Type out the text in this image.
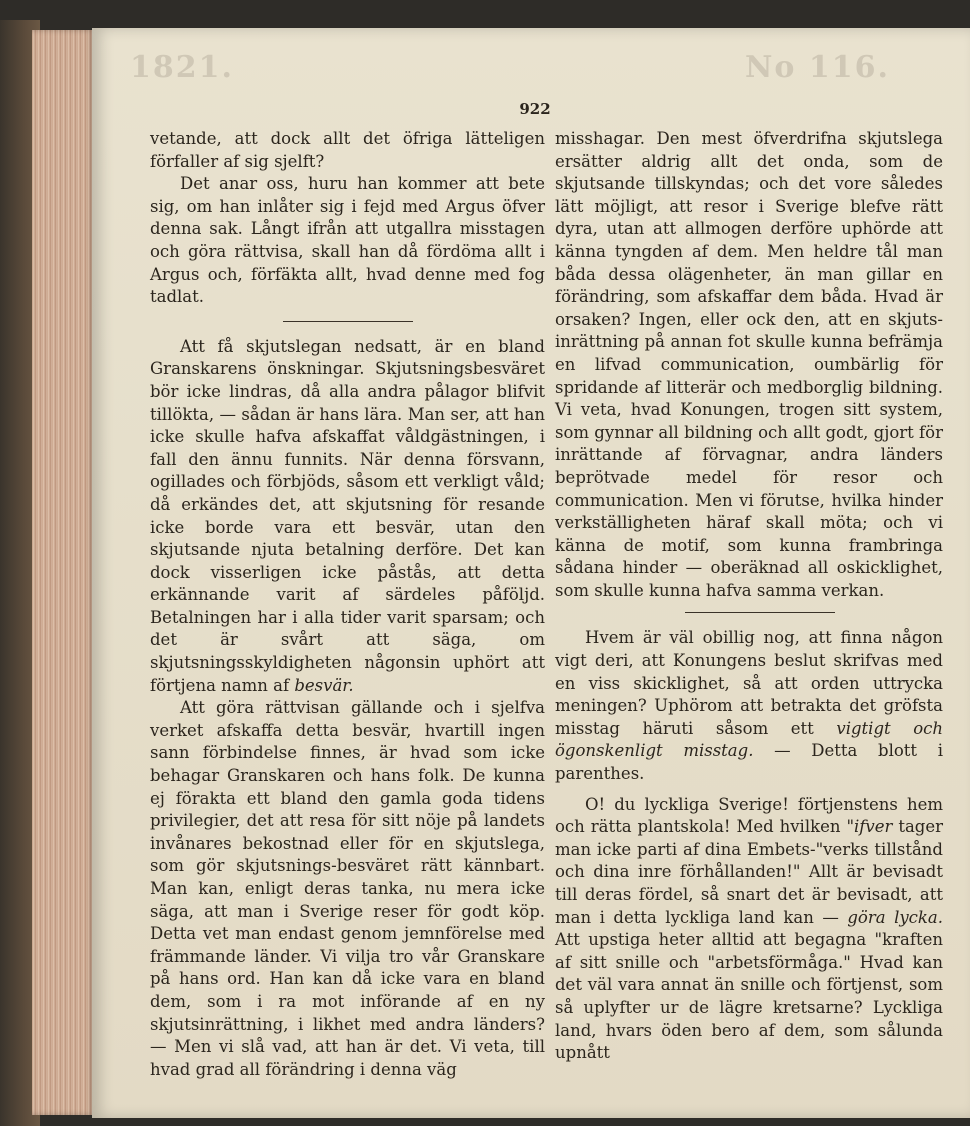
1821.	No 116.
922

vetande, att dock allt det öfriga lätteligen förfaller af sig sjelft?

Det anar oss, huru han kommer att bete sig, om han inlåter sig i fejd med Argus öfver denna sak. Långt ifrån att utgallra misstagen och göra rättvisa, skall han då fördöma allt i Argus och, förfäkta allt, hvad denne med fog tadlat.

Att få skjutslegan nedsatt, är en bland Granskarens önskningar. Skjutsningsbesväret bör icke lindras, då alla andra pålagor blifvit tillökta, — sådan är hans lära. Man ser, att han icke skulle hafva afskaffat våldgästningen, i fall den ännu funnits. När denna försvann, ogillades och förbjöds, såsom ett verkligt våld; då erkändes det, att skjutsning för resande icke borde vara ett besvär, utan den skjutsande njuta betalning derföre. Det kan dock visserligen icke påstås, att detta erkännande varit af särdeles påföljd. Betalningen har i alla tider varit sparsam; och det är svårt att säga, om skjutsningsskyldigheten någonsin uphört att förtjena namn af besvär.

Att göra rättvisan gällande och i sjelfva verket afskaffa detta besvär, hvartill ingen sann förbindelse finnes, är hvad som icke behagar Granskaren och hans folk. De kunna ej förakta ett bland den gamla goda tidens privilegier, det att resa för sitt nöje på landets invånares bekostnad eller för en skjutslega, som gör skjutsnings-besväret rätt kännbart. Man kan, enligt deras tanka, nu mera icke säga, att man i Sverige reser för godt köp. Detta vet man endast genom jemnförelse med främmande länder. Vi vilja tro vår Granskare på hans ord. Han kan då icke vara en bland dem, som i ra mot införande af en ny skjutsinrättning, i likhet med andra länders? — Men vi slå vad, att han är det. Vi veta, till hvad grad all förändring i denna väg

misshagar. Den mest öfverdrifna skjutslega ersätter aldrig allt det onda, som de skjutsande tillskyndas; och det vore således lätt möjligt, att resor i Sverige blefve rätt dyra, utan att allmogen derföre uphörde att känna tyngden af dem. Men heldre tål man båda dessa olägenheter, än man gillar en förändring, som afskaffar dem båda. Hvad är orsaken? Ingen, eller ock den, att en skjuts-inrättning på annan fot skulle kunna befrämja en lifvad communication, oumbärlig för spridande af litterär och medborglig bildning. Vi veta, hvad Konungen, trogen sitt system, som gynnar all bildning och allt godt, gjort för inrättande af förvagnar, andra länders beprötvade medel för resor och communication. Men vi förutse, hvilka hinder verkställigheten häraf skall möta; och vi känna de motif, som kunna frambringa sådana hinder — oberäknad all oskicklighet, som skulle kunna hafva samma verkan.

Hvem är väl obillig nog, att finna någon vigt deri, att Konungens beslut skrifvas med en viss skicklighet, så att orden uttrycka meningen? Uphörom att betrakta det gröfsta misstag häruti såsom ett vigtigt och ögonskenligt misstag. — Detta blott i parenthes.

O! du lyckliga Sverige! förtjenstens hem och rätta plantskola! Med hvilken "ifver tager man icke parti af dina Embets-"verks tillstånd och dina inre förhållanden!" Allt är bevisadt till deras fördel, så snart det är bevisadt, att man i detta lyckliga land kan — göra lycka. Att upstiga heter alltid att begagna "kraften af sitt snille och "arbetsförmåga." Hvad kan det väl vara annat än snille och förtjenst, som så uplyfter ur de lägre kretsarne? Lyckliga land, hvars öden bero af dem, som sålunda upnått
